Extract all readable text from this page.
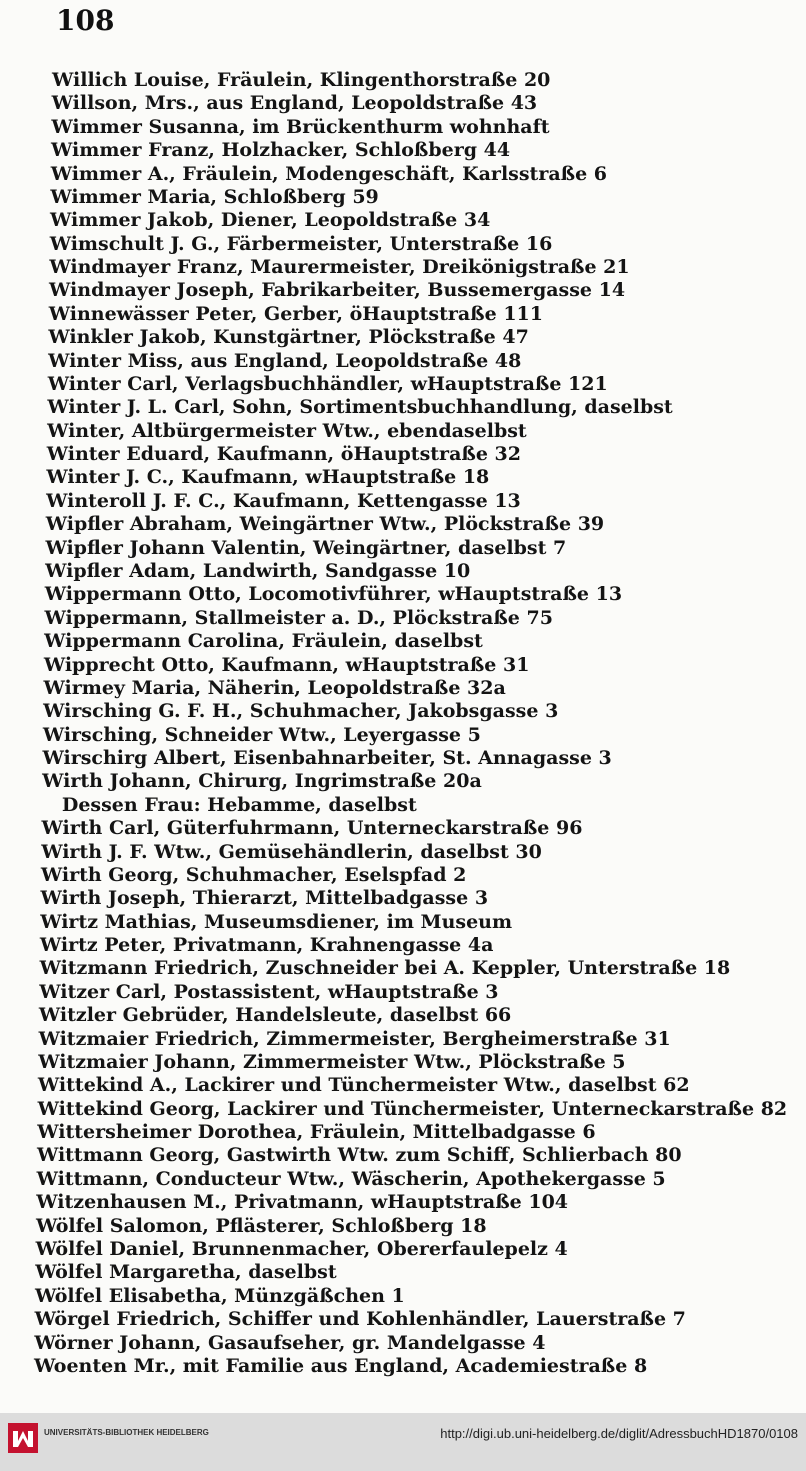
108
Willich Louise, Fräulein, Klingenthorstraße 20
Willson, Mrs., aus England, Leopoldstraße 43
Wimmer Susanna, im Brückenthurm wohnhaft
Wimmer Franz, Holzhacker, Schloßberg 44
Wimmer A., Fräulein, Modengeschäft, Karlsstraße 6
Wimmer Maria, Schloßberg 59
Wimmer Jakob, Diener, Leopoldstraße 34
Wimschult J. G., Färbermeister, Unterstraße 16
Windmayer Franz, Maurermeister, Dreikönigstraße 21
Windmayer Joseph, Fabrikarbeiter, Bussemergasse 14
Winnewässer Peter, Gerber, öHauptstraße 111
Winkler Jakob, Kunstgärtner, Plöckstraße 47
Winter Miss, aus England, Leopoldstraße 48
Winter Carl, Verlagsbuchhändler, wHauptstraße 121
Winter J. L. Carl, Sohn, Sortimentsbuchhandlung, daselbst
Winter, Altbürgermeister Wtw., ebendaselbst
Winter Eduard, Kaufmann, öHauptstraße 32
Winter J. C., Kaufmann, wHauptstraße 18
Winteroll J. F. C., Kaufmann, Kettengasse 13
Wipfler Abraham, Weingärtner Wtw., Plöckstraße 39
Wipfler Johann Valentin, Weingärtner, daselbst 7
Wipfler Adam, Landwirth, Sandgasse 10
Wippermann Otto, Locomotivführer, wHauptstraße 13
Wippermann, Stallmeister a. D., Plöckstraße 75
Wippermann Carolina, Fräulein, daselbst
Wipprecht Otto, Kaufmann, wHauptstraße 31
Wirmey Maria, Näherin, Leopoldstraße 32a
Wirsching G. F. H., Schuhmacher, Jakobsgasse 3
Wirsching, Schneider Wtw., Leyergasse 5
Wirschirg Albert, Eisenbahnarbeiter, St. Annagasse 3
Wirth Johann, Chirurg, Ingrimstraße 20a
Dessen Frau: Hebamme, daselbst
Wirth Carl, Güterfuhrmann, Unterneckarstraße 96
Wirth J. F. Wtw., Gemüsehändlerin, daselbst 30
Wirth Georg, Schuhmacher, Eselspfad 2
Wirth Joseph, Thierarzt, Mittelbadgasse 3
Wirtz Mathias, Museumsdiener, im Museum
Wirtz Peter, Privatmann, Krahnengasse 4a
Witzmann Friedrich, Zuschneider bei A. Keppler, Unterstraße 18
Witzer Carl, Postassistent, wHauptstraße 3
Witzler Gebrüder, Handelsleute, daselbst 66
Witzmaier Friedrich, Zimmermeister, Bergheimerstraße 31
Witzmaier Johann, Zimmermeister Wtw., Plöckstraße 5
Wittekind A., Lackirer und Tünchermeister Wtw., daselbst 62
Wittekind Georg, Lackirer und Tünchermeister, Unterneckarstraße 82
Wittersheimer Dorothea, Fräulein, Mittelbadgasse 6
Wittmann Georg, Gastwirth Wtw. zum Schiff, Schlierbach 80
Wittmann, Conducteur Wtw., Wäscherin, Apothekergasse 5
Witzenhausen M., Privatmann, wHauptstraße 104
Wölfel Salomon, Pflästerer, Schloßberg 18
Wölfel Daniel, Brunnenmacher, Obererfaulepelz 4
Wölfel Margaretha, daselbst
Wölfel Elisabetha, Münzgäßchen 1
Wörgel Friedrich, Schiffer und Kohlenhändler, Lauerstraße 7
Wörner Johann, Gasaufseher, gr. Mandelgasse 4
Woenten Mr., mit Familie aus England, Academiestraße 8
UNIVERSITÄTS-BIBLIOTHEK HEIDELBERG	http://digi.ub.uni-heidelberg.de/diglit/AdressbuchHD1870/0108
